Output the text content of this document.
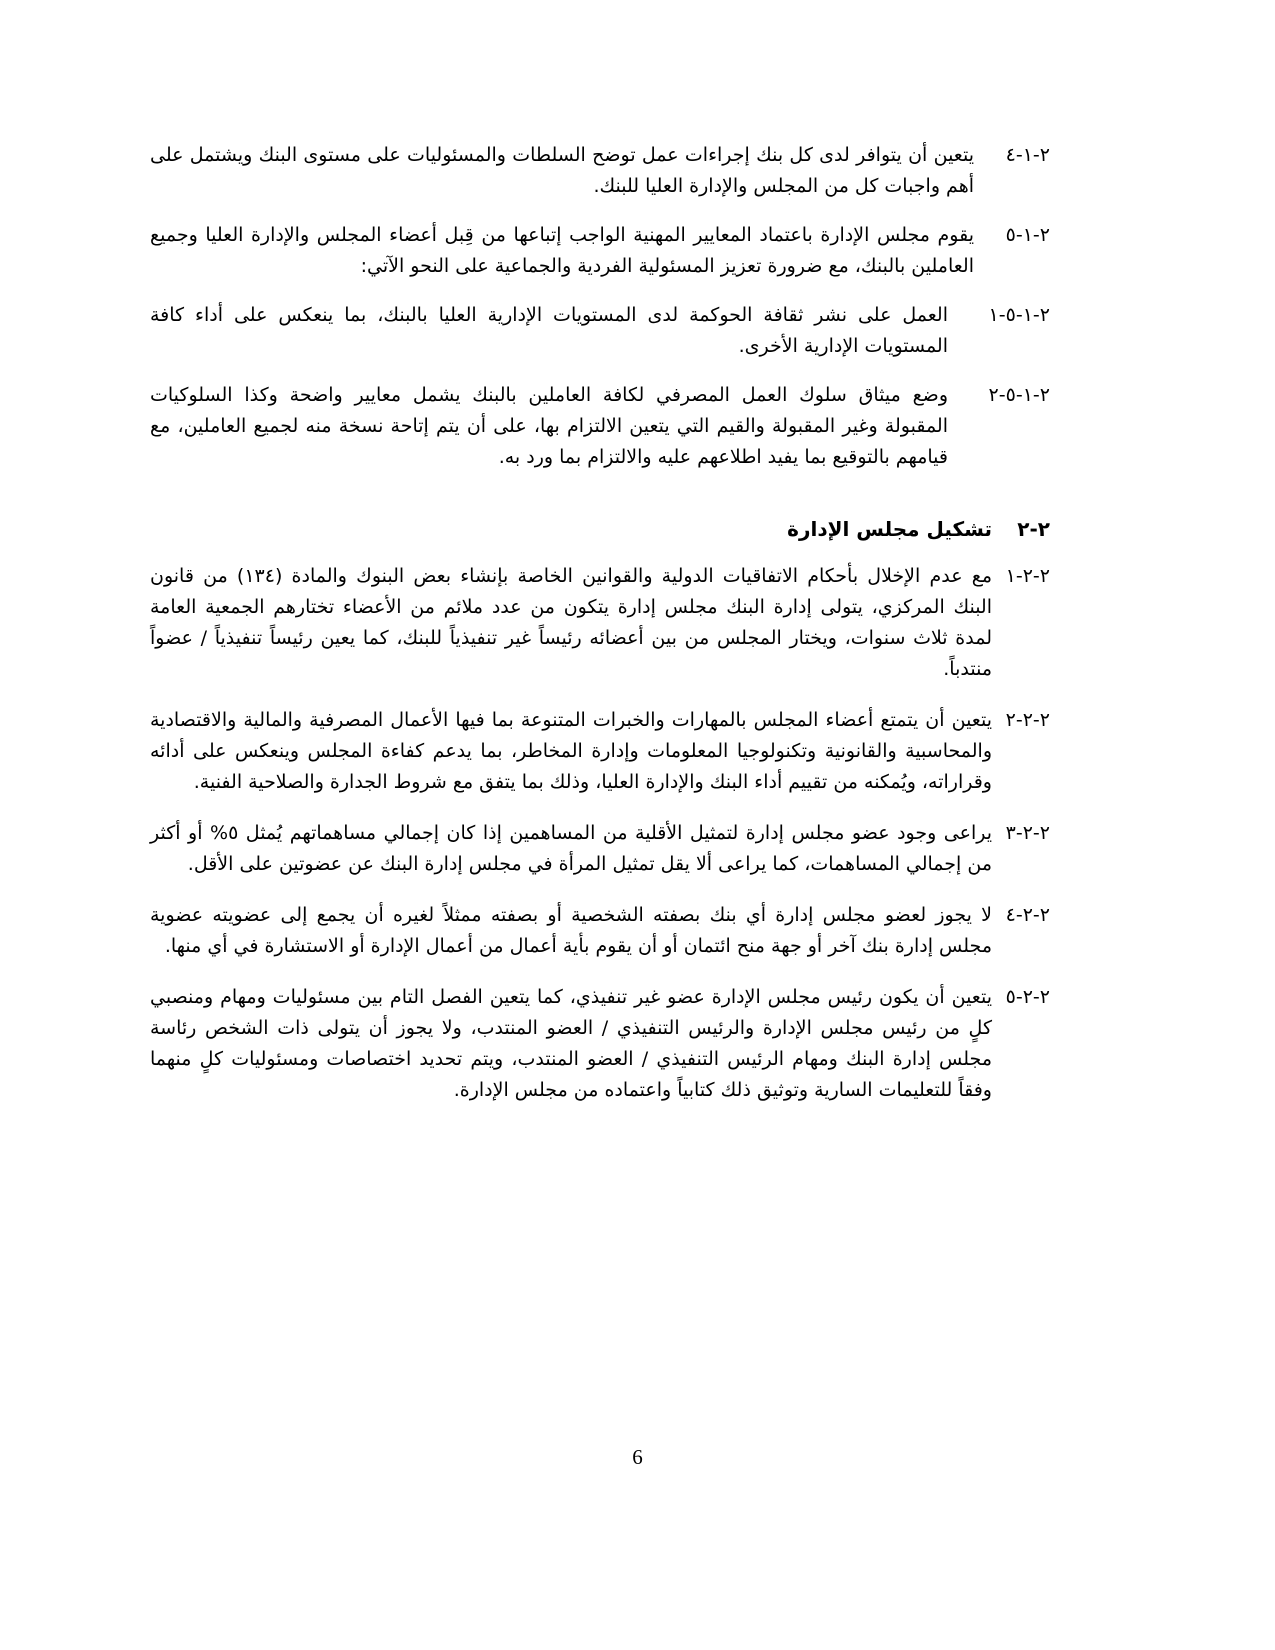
٢-١-٤
يتعين أن يتوافر لدى كل بنك إجراءات عمل توضح السلطات والمسئوليات على مستوى البنك ويشتمل على أهم واجبات كل من المجلس والإدارة العليا للبنك.
٢-١-٥
يقوم مجلس الإدارة باعتماد المعايير المهنية الواجب إتباعها من قِبل أعضاء المجلس والإدارة العليا وجميع العاملين بالبنك، مع ضرورة تعزيز المسئولية الفردية والجماعية على النحو الآتي:
٢-١-٥-١
العمل على نشر ثقافة الحوكمة لدى المستويات الإدارية العليا بالبنك، بما ينعكس على أداء كافة المستويات الإدارية الأخرى.
٢-١-٥-٢
وضع ميثاق سلوك العمل المصرفي لكافة العاملين بالبنك يشمل معايير واضحة وكذا السلوكيات المقبولة وغير المقبولة والقيم التي يتعين الالتزام بها، على أن يتم إتاحة نسخة منه لجميع العاملين، مع قيامهم بالتوقيع بما يفيد اطلاعهم عليه والالتزام بما ورد به.
٢-٢
تشكيل مجلس الإدارة
٢-٢-١
مع عدم الإخلال بأحكام الاتفاقيات الدولية والقوانين الخاصة بإنشاء بعض البنوك والمادة (١٣٤) من قانون البنك المركزي، يتولى إدارة البنك مجلس إدارة يتكون من عدد ملائم من الأعضاء تختارهم الجمعية العامة لمدة ثلاث سنوات، ويختار المجلس من بين أعضائه رئيساً غير تنفيذياً للبنك، كما يعين رئيساً تنفيذياً / عضواً منتدباً.
٢-٢-٢
يتعين أن يتمتع أعضاء المجلس بالمهارات والخبرات المتنوعة بما فيها الأعمال المصرفية والمالية والاقتصادية والمحاسبية والقانونية وتكنولوجيا المعلومات وإدارة المخاطر، بما يدعم كفاءة المجلس وينعكس على أدائه وقراراته، ويُمكنه من تقييم أداء البنك والإدارة العليا، وذلك بما يتفق مع شروط الجدارة والصلاحية الفنية.
٢-٢-٣
يراعى وجود عضو مجلس إدارة لتمثيل الأقلية من المساهمين إذا كان إجمالي مساهماتهم يُمثل ٥% أو أكثر من إجمالي المساهمات، كما يراعى ألا يقل تمثيل المرأة في مجلس إدارة البنك عن عضوتين على الأقل.
٢-٢-٤
لا يجوز لعضو مجلس إدارة أي بنك بصفته الشخصية أو بصفته ممثلاً لغيره أن يجمع إلى عضويته عضوية مجلس إدارة بنك آخر أو جهة منح ائتمان أو أن يقوم بأية أعمال من أعمال الإدارة أو الاستشارة في أي منها.
٢-٢-٥
يتعين أن يكون رئيس مجلس الإدارة عضو غير تنفيذي، كما يتعين الفصل التام بين مسئوليات ومهام ومنصبي كلٍ من رئيس مجلس الإدارة والرئيس التنفيذي / العضو المنتدب، ولا يجوز أن يتولى ذات الشخص رئاسة مجلس إدارة البنك ومهام الرئيس التنفيذي / العضو المنتدب، ويتم تحديد اختصاصات ومسئوليات كلٍ منهما وفقاً للتعليمات السارية وتوثيق ذلك كتابياً واعتماده من مجلس الإدارة.
6
